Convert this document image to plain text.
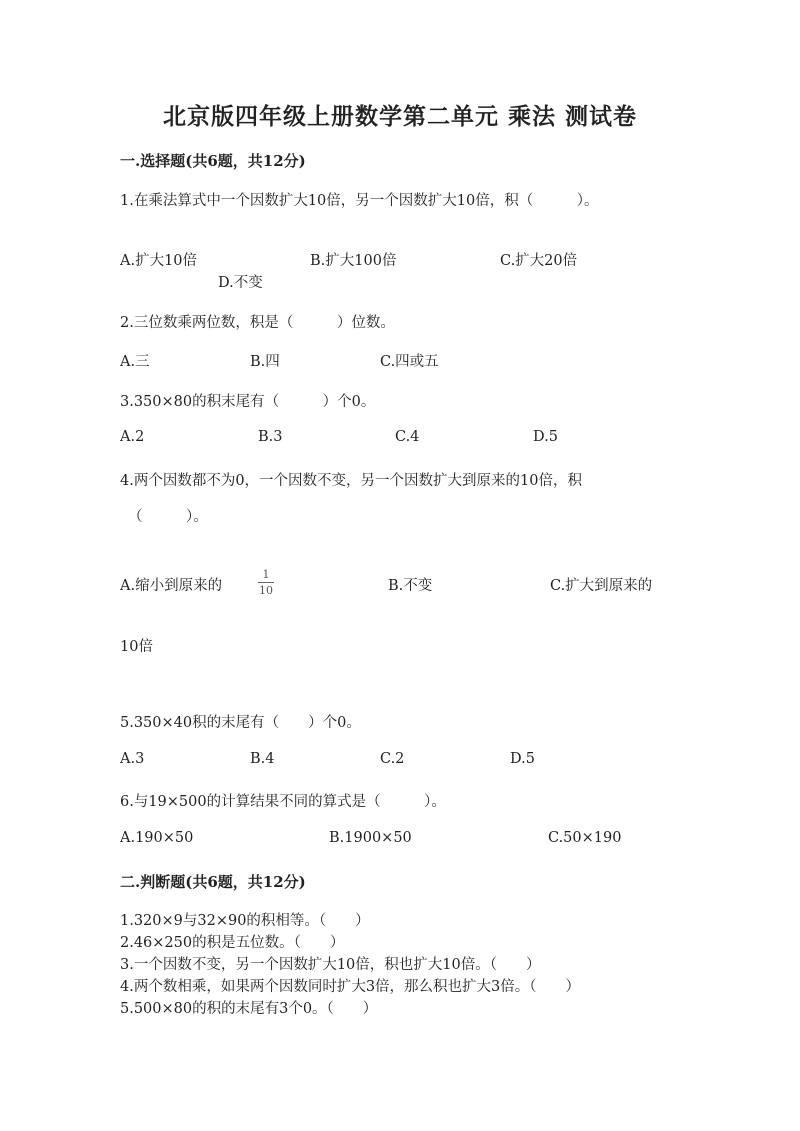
北京版四年级上册数学第二单元 乘法 测试卷
一.选择题(共6题，共12分)
1.在乘法算式中一个因数扩大10倍，另一个因数扩大10倍，积（　　　）。
A.扩大10倍	B.扩大100倍	C.扩大20倍
D.不变
2.三位数乘两位数，积是（　　　）位数。
A.三	B.四	C.四或五
3.350×80的积末尾有（　　　）个0。
A.2	B.3	C.4	D.5
4.两个因数都不为0，一个因数不变，另一个因数扩大到原来的10倍，积
（　　　）。
A.缩小到原来的
1
10	B.不变	C.扩大到原来的
10倍
5.350×40积的末尾有（　　）个0。
A.3	B.4	C.2	D.5
6.与19×500的计算结果不同的算式是（　　　）。
A.190×50	B.1900×50	C.50×190
二.判断题(共6题，共12分)
1.320×9与32×90的积相等。（　　）
2.46×250的积是五位数。（　　）
3.一个因数不变，另一个因数扩大10倍，积也扩大10倍。（　　）
4.两个数相乘，如果两个因数同时扩大3倍，那么积也扩大3倍。（　　）
5.500×80的积的末尾有3个0。（　　）
